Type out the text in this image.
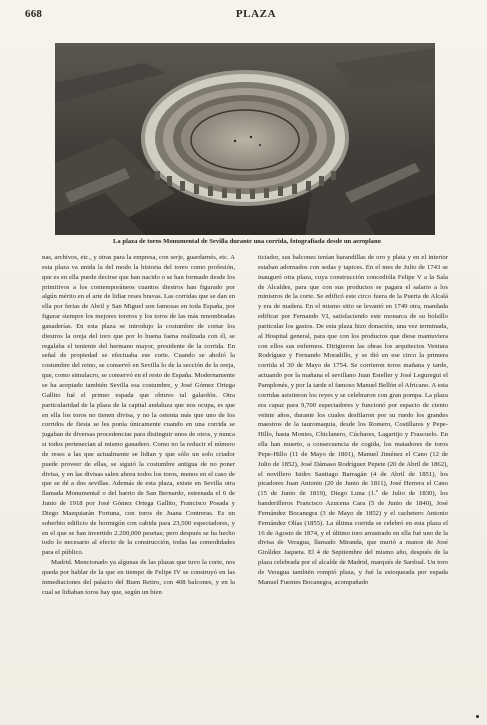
668	PLAZA
La plaza de toros Monumental de Sevilla durante una corrida, fotografiada desde un aeroplano

nas, archivos, etc., y otras para la empresa, con serje, guardarnés, etc. A esta plaza va unida la del modo la historia del toreo como profesión, que es en ella puede decirse que han nacido o se han formado desde los primitivos a los contemporáneos cuantos diestros han figurado por algún mérito en el arte de lidiar reses bravas. Las corridas que se dan en ella por ferias de Abril y San Miguel son famosas en toda España, por figurar siempre los mejores toreros y los toros de las más renombradas ganaderías. En esta plaza se introdujo la costumbre de cortar los diestros la oreja del toro que por lo buena faena realizada con él, se regalaba el teniente del hermano mayor, presidente de la corrida. En señal de propiedad se efectuaba ese corte. Cuando se abolió la costumbre del reino, se conservó en Sevilla lo de la sección de la oreja, que, como simulacro, se conservó en el resto de España. Modernamente se ha aceptado también Sevilla esa costumbre, y José Gómez Ortega Gallito fué el primer espada que obtuvo tal galardón. Otra particularidad de la plaza de la capital andaluza que nos ocupa, es que en ella los toros no tienen divisa, y no la ostenta más que uno de los corridos de fiesta se les ponía únicamente cuando en una corrida se jugaban de diversas procedencias para distinguir unos de otros, y nunca si todos pertenecían al mismo ganadero. Como no la reducir el número de reses a las que actualmente se lidian y que sólo un solo criador puede proveer de ellas, se siguió la costumbre antigua de no poner divisa, y en las divisas salen ahora todos los toros, menos en el caso de que se dé a dos sevillas. Además de esta plaza, existe en Sevilla otra llamada Monumental o del barrio de San Bernardo, estrenada el 6 de Junio de 1918 por José Gómez Ortega Gallito, Francisco Posada y Diego Mazquiarán Fortuna, con toros de Juana Contreras. Es un soberbio edificio de hormigón con cabida para 23,500 espectadores, y en el que se han invertido 2.200,000 pesetas; pero después se ha hecho todo lo necesario al efecto de la construcción, todas las comodidades para el público.

Madrid. Mencionado ya algunas de las plazas que tuvo la corte, nos queda por hablar de la que en tiempo de Felipe IV se construyó en las inmediaciones del palacio del Buen Retiro, con 408 balcones, y en la cual se lidiaban toros hay que, según un bien

ticiador, sus balcones tenían barandillas de oro y plata y en el interior estaban adornados con sedas y tapices. En el mes de Julio de 1743 se inauguró otra plaza, cuya construcción concedióla Felipe V a la Sala de Alcaldes, para que con sus productos se pagara el salario a los ministros de la corte. Se edificó este circo fuera de la Puerta de Alcalá y era de madera. En el mismo sitio se levantó en 1749 otra, mandada edificar por Fernando VI, satisfaciendo este monarca de su bolsillo particular los gastos. De esta plaza hizo donación, una vez terminada, al Hospital general, para que con los productos que diese mantuviera con ellos sus enfermos. Dirigieron las obras los arquitectos Ventura Rodríguez y Fernando Moradillo, y se dió en ese circo la primera corrida el 30 de Mayo de 1754. Se corrieron toros mañana y tarde, actuando por la mañana el sevillano Juan Esteller y José Leguregui el Pamplonés, y por la tarde el famoso Manuel Bellón el Africano. A esta corridas asistieron los reyes y se celebraron con gran pompa. La plaza era capaz para 9,700 espectadores y funcionó por espacio de ciento veinte años, durante los cuales desfilaron por su ruedo los grandes maestros de la tauromaquia, desde los Romero, Costillares y Pepe-Hillo, hasta Montes, Chiclanero, Cúchares, Lagartijo y Frascuelo. En ella han muerto, a consecuencia de cogida, los matadores de toros Pepe-Hillo (11 de Mayo de 1801), Manuel Jiménez el Cano (12 de Julio de 1852), José Dámaso Rodríguez Pepete (20 de Abril de 1862), el novillero Isidro Santiago Barragán (4 de Abril de 1851), los picadores Juan Antonio (20 de Junio de 1811), José Herrera el Cano (15 de Junio de 1819), Diego Luna (1.º de Julio de 1830), los banderilleros Francisco Azucena Cara (5 de Junio de 1840), José Fernández Bocanegra (3 de Mayo de 1852) y el cachetero Antonio Fernández Olías (1855). La última corrida se celebró en esta plaza el 16 de Agosto de 1874, y el último toro arrastrado en ella fué uno de la divisa de Veragua, llamado Miranda, que murió a manos de José Giráldez Jaqueta. El 4 de Septiembre del mismo año, después de la plaza celebrada por el alcalde de Madrid, marqués de Sardoal. Un toro de Veragua también rompió plaza, y fué la estoqueada por espada Manuel Fuentes Bocanegra, acompañado
